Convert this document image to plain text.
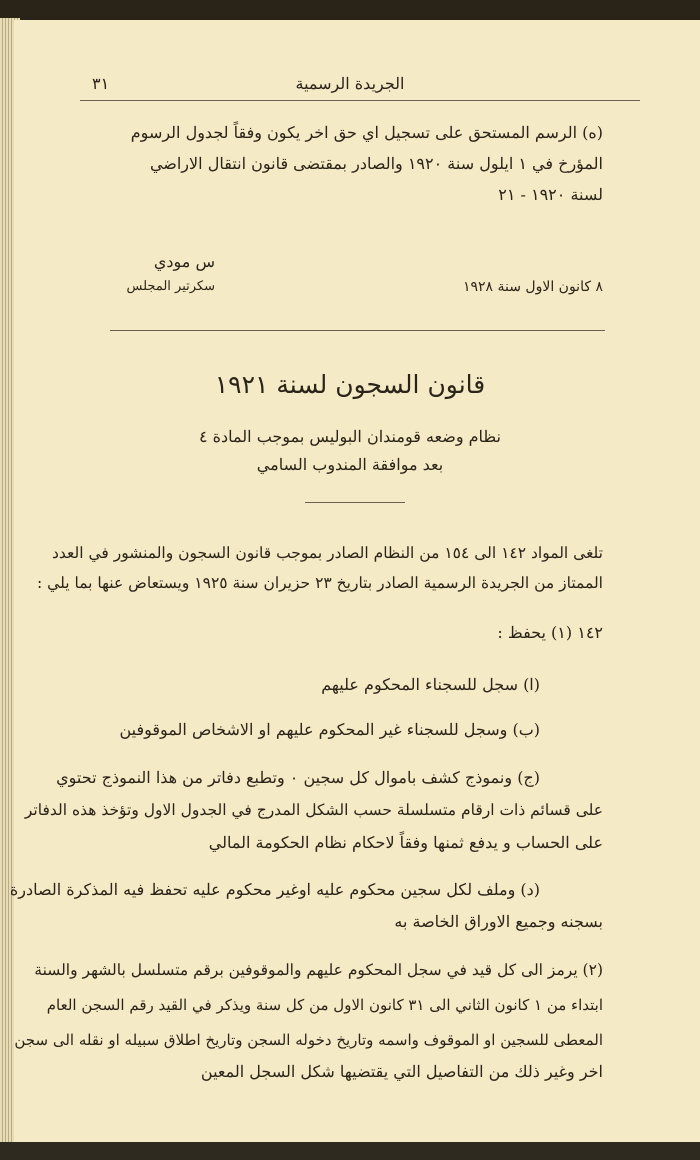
٣١	الجريدة الرسمية
(ه) الرسم المستحق على تسجيل اي حق اخر يكون وفقاً لجدول الرسوم
المؤرخ في ١ ايلول سنة ١٩٢٠ والصادر بمقتضى قانون انتقال الاراضي
لسنة ١٩٢٠ - ٢١
س مودي
سكرتير المجلس	٨ كانون الاول سنة ١٩٢٨
قانون السجون لسنة ١٩٢١
نظام وضعه قومندان البوليس بموجب المادة ٤
بعد موافقة المندوب السامي
تلغى المواد ١٤٢ الى ١٥٤ من النظام الصادر بموجب قانون السجون والمنشور في العدد
الممتاز من الجريدة الرسمية الصادر بتاريخ ٢٣ حزيران سنة ١٩٢٥ ويستعاض عنها بما يلي :
١٤٢ (١) يحفظ :
(ا) سجل للسجناء المحكوم عليهم
(ب) وسجل للسجناء غير المحكوم عليهم او الاشخاص الموقوفين
(ج) ونموذج كشف باموال كل سجين ٠ وتطبع دفاتر من هذا النموذج تحتوي
على قسائم ذات ارقام متسلسلة حسب الشكل المدرج في الجدول الاول وتؤخذ هذه الدفاتر
على الحساب و يدفع ثمنها وفقاً لاحكام نظام الحكومة المالي
(د) وملف لكل سجين محكوم عليه اوغير محكوم عليه تحفظ فيه المذكرة الصادرة
بسجنه وجميع الاوراق الخاصة به
(٢) يرمز الى كل قيد في سجل المحكوم عليهم والموقوفين برقم متسلسل بالشهر والسنة
ابتداء من ١ كانون الثاني الى ٣١ كانون الاول من كل سنة ويذكر في القيد رقم السجن العام
المعطى للسجين او الموقوف واسمه وتاريخ دخوله السجن وتاريخ اطلاق سبيله او نقله الى سجن
اخر وغير ذلك من التفاصيل التي يقتضيها شكل السجل المعين
